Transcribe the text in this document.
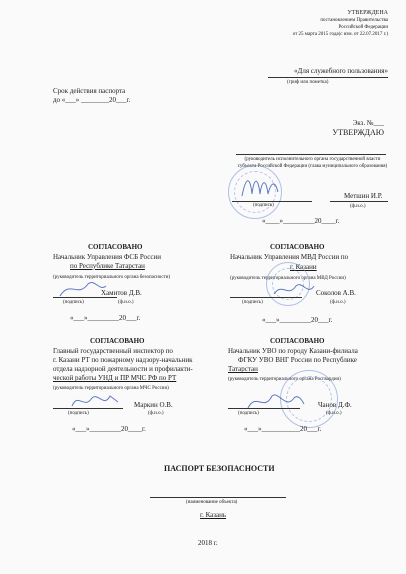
УТВЕРЖДЕНА
постановлением Правительства
Российской Федерации
от 25 марта 2015 года(с изм. от 22.07.2017 г.)
«Для служебного пользования»
(гриф или пометка)
Срок действия паспорта
до «___» ________20___г.
Экз. №___
УТВЕРЖДАЮ
(руководитель исполнительного органа государственной власти субъекта Российской Федерации (глава муниципального образования)
(подпись)
Метшин И.Р.
(ф.и.о.)
«____»_________20____г.
СОГЛАСОВАНО
Начальник Управления ФСБ России
по Республике Татарстан
(руководитель территориального органа безопасности)
(подпись)
Хамитов Д.В.
(ф.и.о.)
«___»_________20___г.
СОГЛАСОВАНО
Начальник Управления МВД России по
г. Казани
(руководитель территориального органа МВД России)
(подпись)
Соколов А.В.
(ф.и.о.)
«___»_________20___г.
СОГЛАСОВАНО
Главный государственный инспектор по
г. Казани РТ по пожарному надзору-начальник
отдела надзорной деятельности и профилакти-
ческой работы УНД и ПР МЧС РФ по РТ
(руководитель территориального органа МЧС России)
(подпись)
Маркин О.В.
(ф.и.о.)
«___»_________20____г.
СОГЛАСОВАНО
Начальник УВО по городу Казани-филиала
ФГКУ УВО ВНГ России по Республике
Татарстан
(руководитель территориального органа Росгвардии)
(подпись)
Чанов Д.Ф.
(ф.и.о.)
«___»___________20___г.
ПАСПОРТ БЕЗОПАСНОСТИ
(наименование объекта)
г. Казань
2018 г.
